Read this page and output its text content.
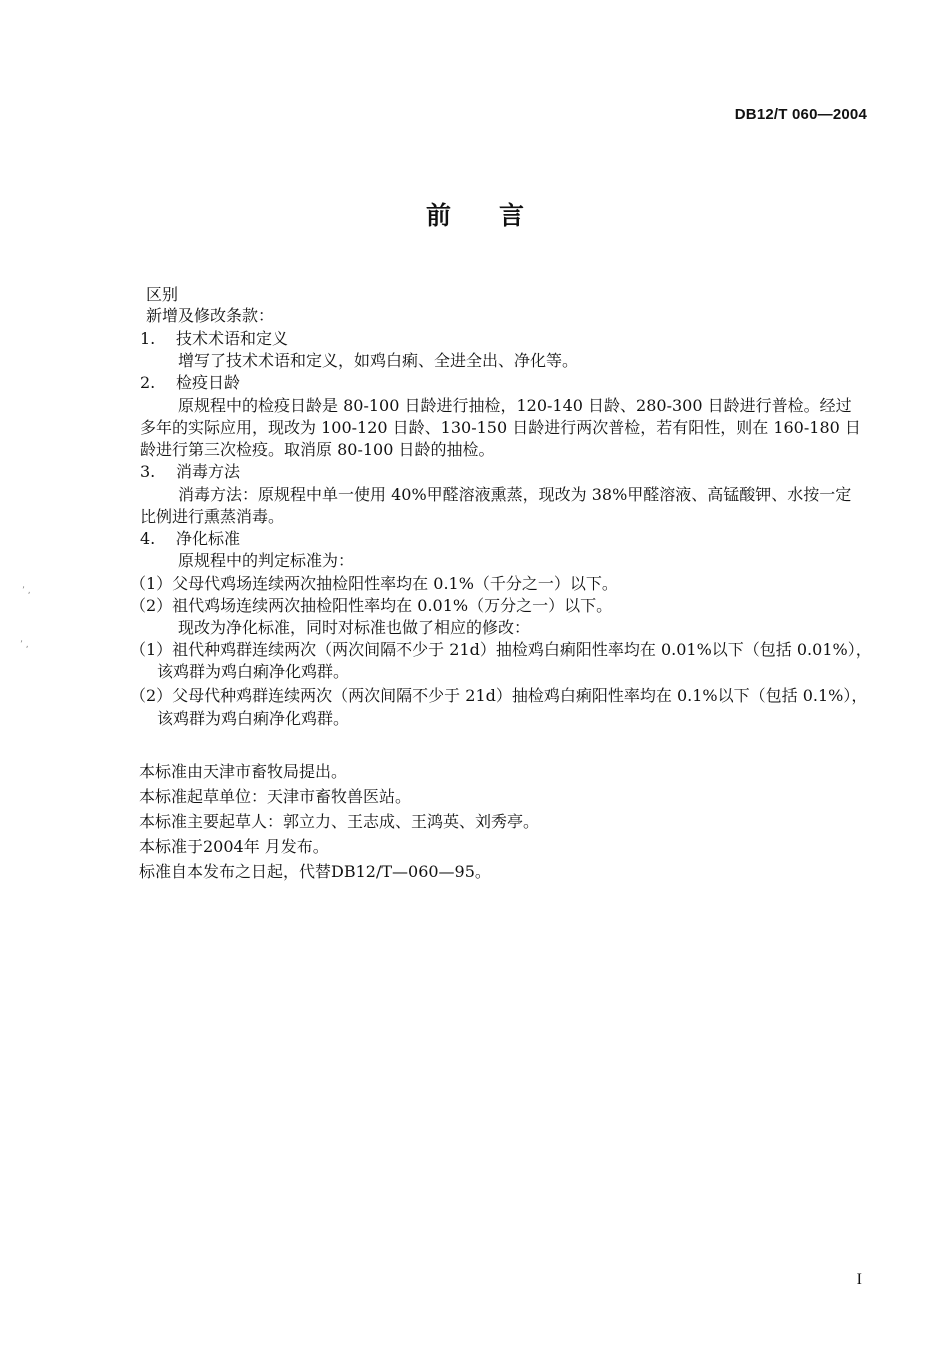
DB12/T 060—2004
前言
区别
新增及修改条款：
1. 技术术语和定义
增写了技术术语和定义，如鸡白痢、全进全出、净化等。
2. 检疫日龄
原规程中的检疫日龄是 80-100 日龄进行抽检，120-140 日龄、280-300 日龄进行普检。经过
多年的实际应用，现改为 100-120 日龄、130-150 日龄进行两次普检，若有阳性，则在 160-180 日
龄进行第三次检疫。取消原 80-100 日龄的抽检。
3. 消毒方法
消毒方法：原规程中单一使用 40%甲醛溶液熏蒸，现改为 38%甲醛溶液、高锰酸钾、水按一定
比例进行熏蒸消毒。
4. 净化标准
原规程中的判定标准为：
（1）父母代鸡场连续两次抽检阳性率均在 0.1%（千分之一）以下。
（2）祖代鸡场连续两次抽检阳性率均在 0.01%（万分之一）以下。
现改为净化标准，同时对标准也做了相应的修改：
（1）祖代种鸡群连续两次（两次间隔不少于 21d）抽检鸡白痢阳性率均在 0.01%以下（包括 0.01%），
该鸡群为鸡白痢净化鸡群。
（2）父母代种鸡群连续两次（两次间隔不少于 21d）抽检鸡白痢阳性率均在 0.1%以下（包括 0.1%），
该鸡群为鸡白痢净化鸡群。
本标准由天津市畜牧局提出。
本标准起草单位：天津市畜牧兽医站。
本标准主要起草人：郭立力、王志成、王鸿英、刘秀亭。
本标准于2004年 月发布。
标准自本发布之日起，代替DB12/T—060—95。
٬ ,
٬ ,
I
